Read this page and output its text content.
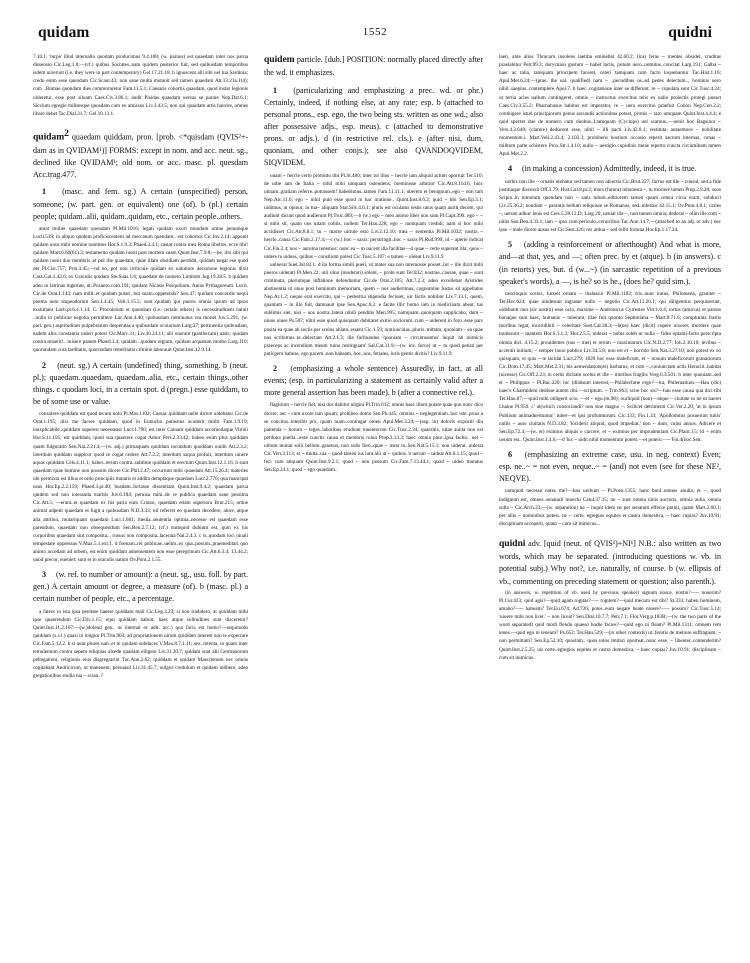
quidam	1552	quidni

7.10.1; 'turpe' illud interuallo quodam producimus 9.4.108; (w. paruus) est quaedam inter nos parua dissensio Cic.Leg.1.8;—(cf.) quibus Socrates..natu quidem posterior fuit, sed quibusdam temporibus isdem uixerunt (i.e. they were in part contemporary) Gel.17.21.18. b ignoscent alii sibi uel tua Sardinia; credo enim esse quendam Cic.Scaur.43; non sane multa mutauit sed tamen quaedam Att.13.21a.1(4); cum ..Romae quondam dies commoraretur Fam.11.5.1; Caesaris cohortis quasdam, quod instar legionis uideretur, esse post siluam Caes.Civ.3.86.1; audit Pisidas quasdam uersus se parare Nep.Dat.6.1; Siccium egregie militesque quosdam cum eo amissos Liv.3.43.5; non qui quasdam artis haurire, omnes libare debet Tac.Dial.31.7; Gel.10.13.1.

quidam$^2$ quaedam quiddam, pron. [prob. <*quisdam (QVIS²+-dam as in QVIDAM¹)] FORMS: except in nom. and acc. neut. sg., declined like QVIDAM¹; old nom. or acc. masc. pl. quesdam Acc.trag.477.

1 (masc. and fem. sg.) A certain (unspecified) person, someone; (w. part. gen. or equivalent) one (of). b (pl.) certain people; quidam..alii, quidam..quidam, etc., certain people..others.

amat mulier quaedam quendam Pl.Mil.1016; legati quidam uxori mundum omne penumque Lucil.519; in aliquo quidem proficiscentem ad mercatum quendam.. est cohortus Cic.Inv.2.14; apponit quidam unus mihi nomine nummos Hor.S.1.9.3; Phaed.3.4.1; castat contra mea Roma libellos. ecce tibi! quidam Mart.6.60(61).3; testamento quidam iussit post mortem suam Quint.Inst.7.9.8;—he, illo sibi qui quidam iussit duo membris..et pol ille quaedam, quae illam obsidiam perdidit, quidam negat ese quod det Pl.Cist.757; Prin.3.45;—nd eo, pol non irriticule quidam ex ualutiore decurione legionis dixit Cass.Gal.1.42.6; ex Graculis quidam Ste.Suas.1.6; quaedam de numero Limitum Jug.19.38.5. b quidam adeo in latrinas ingerunt, ut..Posuero.com.191; quidam Nicasis Posquilium. Anias Pythagoreum. Lucil. Cic.de Orat.1.143; nam milli..et quidam putari, but suam..oppetenda? Sen.47; quidam concordis nequi poema ueni stupendorum Sen.1.4.45; Vell.1.15.5; sunt quidam qui pueris omnia ipsum ad ipsos exstimant Lacb.pr.6.4.1.14; C. Proculeium et quendam (i.e. certain others) is necessitudinem haluit ..nulla in publicae negotia permittere Lac.Ann.4.40; quibusdam nominatus rea monet Juv.5.291; (w. part. gen.) aspritudines pulpebrarum desperatas a quibusdam ocularium Larg.37; pertinentia quibusdam, eadem aliis constantia uideri potest Cic.Marc.31; Liv.30.24.11; alii onerant (panthexam) uatis; quidam contra miserit!.. misere panem Phaed.3.4; quidam ..quidam regium, quidam arquatum morbo Larg.110; quorundam cura tarditatis, quorundam temeritatis crimine laborauit Quint.Inst.12.9.14.

2 (neut. sg.) A certain (undefined) thing, something. b (neut. pl.); quaedam..quaedam, quaedam..alia, etc., certain things..other things. c quodam loci, in a certain spot. d (pregn.) esse quiddam, to be of some use or value.

consulere quiddam est quod tecum uolo Pl.Mos.1102; Caesar..quiddam uelle dicere uidebatur Cic.de Orat.1.195; dixi me facere quiddam, quod in Eunucho parasitus acaderit militi Fam.1.9.19; inexplicabile..quiddam superest necesseast Lucr.1.790; est inter Cainam quiddam accomodaque Vitruii Hor.S.11.195; est quiddam, quod sua quaerere cogat Amor Pers.2.33.42; habeo enim plus quiddam quam fulguratio Sen.Nat.2.21.4;—(w. adj.) primaquam quiddam iucundum quoddam ouidit Att.2.3.2; interdum quiddam suppicor quod te cogat cedere Att.7.2.2; interdum saqua profuit, interdum uinere aquas quiddam Cels.4.11.1; habet..rerum contra..sublime quiddam et erectum Quint.Inst.12.1.16. b sunt quaedam quae homine non possum dicere Cic.Phil.2.47; occurrunt mihi quaedam Att.15.26.4; materies ubi permixta est illius et ordo principiis mutatis et addita demptaque quaedam Lucr.2.770; qua mancipat usus Hor.Ep.2.2.159; Phaed.3.pr.40; busdam..fortasse dissentiam Quint.Inst.9.4.2; quaedam parua quidem sed non toleranda maritis Juv.6.184; peruisa mihi..de re publica quaedam sane pessima Cic.Att.5; —erant..ei quaedam ex his paria eum Crasso, quaedam etiam superiora Brut.215; omne animal adpetit quaedam et fugit a quibusdam N.D.3.33; nil referret eo quodam decedere, abire, atque alia attribui, mutariquam quaedam Lucr.1.681; media..sententia optima..necesse est quaedam esse parendum, quaedam non obsequendum Sen.Ben.2.7.12; (cf.) numquid dubium est, quin ex his corporibus quaedam sint composita.., rursus non composita..lacerata Nat.2.4.3. c is..quodam loci niuali tempestate oppressus V.Max.5.1.ext.1. d foenam..rei publicae..uelim..ex qua..possim..praemeditari quo animo accedam ad urbem, est enim quiddam aduenientem non esse peregrinum Cic.Att.6.3.4; 13.44.2; quod precor, eueniet: sunt et in oraculis uatum Ov.Pont.2.1.55.

3 (w. ref. to number or amount): a (neut. sg., usu. foll. by part. gen.) A certain amount or degree, a measure (of). b (masc. pl.) a certain number of people, etc., a percentage.

a fateor in ista ipsa penitate haesse quiddam mali Cic.Leg.3.23; si non tradidero, at quiddam mihi ipse quaerendum Cic.Div.1.15; equi quiddam habuit: haec atque solitudines sunt disceretur? Quint.Inst.11.2.107;—(w.)dolend gen., as internal or adit. acc.) qua facis est homo?—sequitutdo quiddam (s.v.l.) quasi in longior Pl.Trin.903; ad propriationem uirum quiddam interest non te expectare Cic.Fam.5.12.2. b si aunt plures nati..et in quidam subduces V.Max.8.7.1.11; sex..retenta, in quam inter temulentum contra sepem reliquias alcede quatiam elligere Liv.31.30.7; quidam sunt alii Germanorum pellegationi, religionis eius disgregrarint Tac.Ann.2.62; quiddam et quidam Maecdonum nec omnis cogitabant Andricicum, ut maneuent, persuasit Liv.31.45.7; uulgus credulum et quidam inlibere, adeo gregationibus studia tua ~ scian..?

quidem particle. [dub.] POSITION: normally placed directly after the wd. it emphasizes.

1 (particularizing and emphasizing a prec. wd. or phr.) Certainly, indeed, if nothing else, at any rate; esp. b (attached to personal prons., esp. ego, the two being sts. written as one wd.; also after possessive adjs., esp. meus). c (attached to demonstrative prons. or adjs.). d (in restrictive rel. cls.). e (after nisi, dum, quoniam, and other conjs.); see also QVANDOQVIDEM, SIQVIDEM.

uuam ~ hercle certo promitto tibi Pl.St.480; inter tot illos ~ hercle iam aliquid actum oportuit Ter.510; de urbe iam de Italia ~ nihil mihi umquam ostendens; meminisse arbitror Cic.Att.8.11d.6; huic utinam..gratiam referre..potuissem! habebimus..tamen Fam.11.11.1; uberem et benignum..ego ~ non tam Nep.Alc.11.6; ego ~ nihil puto esse quod in hac oratione.. Quint.Inst.8.6.2; quid ~ tibi Sen.Ep.3.1; uidimus, ut opinor, in tua~ aliquam Stat.Silv.4.6.1; pluris est oculatus testis unus quam auriti decem, qui audiunt dicunt quod audierunt Pl.Truc.489;—b (w.) ego ~ meo animo liber non sum Pl.Capt.390; ego ~ ~ si mihi sit, quam uos uitam colitis, nollem Ter.Hau.228; ego ~ numquam credidi; nam si hoc mihi accidisset Cic.Att.8.8.1; tu ~ macte uirtute esto Liv.2.12.10; mea ~ sententia Pl.Mil.1032; nostra ~ hercle..causa Cic.Fam.2.17.4;—c (w.) hoc ~ saxis: perstringit..hoc ~ saxis Pl.Rud.999; id ~ aperte indicat Cic.Fin.2.4; nos ~ auruma tenemus: nunc ea ~ m uocent illa facilitas—d quae ~ certe superant illa; quos ~ uidere tu uideas, quibus ~ consilium potest Cic.Tusc.5.107; e tamen ~ uideat Liv.9.11.9

uulnerat Suet.Jul.82.1. d ita forma simili pueri, ut mater sua non internosse posset..(ut ~ ille dixit mihi pueros uiderat) Pl.Men.22; uiri uino (moderari) solent, ~ probi sunt Ter.832; nostrae..causae, quae ~ sunt criminum, plerumque inflatione defenduntur Cic.de Orat.2.105; Att.7.2.3; adeo excellebat Aristides abstinentia ut unus post hominum memoriam, quem ~ nos audierimus, cognomine Iustus sit appellatus Nep.Ar.1.2; neque erat exercitu, qui ~ pedestria stipendia fecisset, uir factis nobilior Liv.7.13.1; quem, quantum ~ in illo fuit, damnauit ipse Sen.Apoc.8.2. e facite illic homo iam in medicinam abeat, tus sublimis siet, nisi ~ uos uostra..latera nihili penditis Men.995; namquam..quoiquam supplicabo, dum ~ uiuos uiues Ps.507; nihil esse quod quisquam dubitaret exitio sociorum..cum ~ uiderent in foro..esse pars posita ea quae ab sociis per scelus ablata..essent Cic.1.59; oratiunculas..pluris..mittam, quoniam ~ ea quae nos scribimus..te..delectant Att.2.1.3; ille furibundus 'quoniam ~ circumuentus' inquit 'ab inimicis praeceps ac incendium meum ruina restinguam' Sal.Cat.31.9;—(w. inv. force) ut ~ tu quod petisti per puticgem habeas, ego pacem..non habeam, hoc..uos, fetiales, iuris gentis dicitis? Liv.9.11.9.

2 (emphasizing a whole sentence) Assuredly, in fact, at all events; (esp. in particularizing a statement as certainly valid after a more general assertion has been made). b (after a connective rel.).

flagitium ~ hercle fiet, nisi dos dabitur uirgini Pl.Trin.612; omnis haec illum putare quae quo nunc dico dicere; aut ~ cum uxore iam ipsum; prohibeo domo Sen.Ph.445; omnius ~ neglegentiam..huc iste..prius a se concitos..interibit pro, quam tuam..contingat omen Apul.Met.3.24;—(esp. in) doloris expositi diu patienda ~ horum ~ leges..laboribus erudiunt inuentorum Cic.Tusc.2.34; quaeritis, uitae auida non est perdona puella...esse cunctis causa et membris ruina Prop.3.13.3; haec omnia pace..ipsa facito.. uel ~ uitium inuitat solii bellum..graenus, non solis fieri..quae ~ inest in..Sen.Nat.5.15.1; non uiderat. uiderat Cic.Verr.3.113; et ~ multa..uia ~ quod tamen ius iura alii ut ~ quibus. b uerum ~ uideat Att.6.1.15; quod ~ feci cum aliquam Quint.Inst.9.2.1; quod ~ non possum Cic.Fam.7.13.44.1; quod ~ uideo mutatus Sen.Ep.24.1; quod ~ ego quaedam..

laeti, ante alios Thracum insolens laetitia eminebat 42.60.2; (ira) feras ~ mentes obsidet, cruditas praelabitur Petr.99.3; dorycnion gustum ~ habet lactis, potum uero..uomitus..concitat Larg.191; Galba ~ haec ac talia, tamquam principem faceret, ceteri tamquam cum facto loquebantur Tac.Hist.1.16; Apul.Met.6.24;—(prae. the ual. qualified) nam ~ ..pecudibus os..ad pedes deiectum.., hominis uero nihil..saepius..contemplere Apol.7. b haec..cogitatione inter se differunt, re ~ copulata sunt Cic.Tusc.4.24; ut tertia acies uallum contingeret, omnis ~ instructus exercitus telis ex ualio proiectis protegi posset Caes.Civ.3.55.2; Pharnabazus habitus est imperator, re ~ uera exercitui praefuit Conon Nep.Con.2.2; contingere istud principiorum genus secundis actionibus potest, primis ~ raro umquam Quint.Inst.4.4.4; e quid spectet due de numero cum duobus..I.tamquam (Cyclops) uel scamus..—uenit hoc Bagsinor ~ Vers.4.3.648; (clarere) deducent esse, nihil ~ illi pacti Liv.42.8.1; restituta. autaemnce ~ nobilitate momentum.i. Mart.Vell.2.43.4; 2.103.3; prohibens hostium occasio reperit sacrum internas, conas ~ militum parte schistere Prox.Str.1.4.10; nullo ~ uestigio cupidinis meae reperto cuncta circumibam tamen Apul.Met.2.2.

4 (in making a concession) Admittedly, indeed, it is true.

uerbis non ille ~ ornatis utebatur sed tamen non abiectis Cic.Brut.227; factus est ille ~ consul, sed a fide justitiaque discessit Off.3.79; Hist.Gal.8.pr.2; mors (futura) inhonesta ~, tu moriere tamen Prop.2.8.28; suos Scipio..in tumulum quendam non ~ satis tutum..editiorem tamen quum cetera circa erant, subducit Liv.25.36.2; nondum ~ parantis bellum reliquisse se Romanos, sed..infestos 42.15.1; Ov.Pont.4.8.1; caries ~, uerum adhuc leuis est Cels.5.28.12.D; Larg.20; ueniat illa ~, non tamen omnia; dederat ~ olim ille cum ~ uitiis Sen.Ben.4.33.1; iam ~ ipso cum periculo..ceruicibus Tac.Ann.14.7;—(attached to an adj. or adv.) nec ipse ~ male dicere ausus est Cic.Sest.126; res ardua ~ sed tollit fortuna Hor.Ep.1.17.24.

5 (adding a reinforcement or afterthought) And what is more, and—at that, yes, and —; often prec. by et (atque). b (in answers). c (in retorts) yes, but. d (w...~) (in sarcastic repetition of a previous speaker's words), a —, is he? so is he., (does he? quid sim.).

nescioquis scelus, linxeit ornatu ~ thalassio Pl.Mil.1182; tris..num iratus, Philomena, grauiter ~ Ter.Hec.624; quae uindesunt ingratae nullo ~ negotio Cic.Att.11.20.1; qui diligentius perquiserunt, uidebuntt non (sic uestro) esse ocio, maxime ~ Andronicus Cyrrestes Vitr.1.6.4; tortus (amicus) et parens bonaque sunt haec, humanis ~ tuberant; illae fuit quonto Septimiana ~ Mart.8.71.6; complurata fratris moribus legat, inceridibili ~ celeritate Suet.Cal.38.3;—b(ne) haec (dicit) cupere uixeret; mordere quae inutissunt ~ mantem Hor.S.1.1.3; Hor.2.5.5; uiderat ~ nobis soleb ut nulla ~ fides optanti-facto perscripta omnia dici. 4.15.2; prouidentes (nos ~ mei) et rerum ~ maximarum Cic.N.D.2.77; Ioh.2.10.10; levibus ~ accentit initium; ~ semper bono publico Liv.34.5.8; non est et ~ horrido Sen.Nat.3.27.10; non potest ex eo quisquam, et quis ~ te iacidat Lucr.279; 1820 hoc esse maleficum, et ~ nouum maleficorum granatiorum Cic.Dom.17.45; Mart.Met.2.31; bis aemendation(es) barbarus; et cum ~..coniunctam actis Heraclit..habitat (uicesse) Cic.Off.2.23; in certis dicitam scelus et ille ~ moribus fragilis Verg.6.3.501. b inter quoniam..sed et ~ Philippus ~ Pl.Bac.220; hic (diidnum interest,—Philalechme ergo?—ita, Philematium.—Hau (dic) haec's Charmidem dedisse autem tibi.—scriptum. ~ Trin.963; scire hoc sis?—hau esse causa qua dici tibi Ter.Hau.87;—quid mihi obligerit scio. —et ~ ego.(m.98); ourliquid (non)—atque ~ ciuitate ut ne ut haeret I.haine Pl.959. c' ut(which consociandi? non sine magno ~. Scilicet detrimenti Cic.Ver.2.20; 'at in ipsum Publium animaduertuntur.' lubet—et ipsi profumturunt. Cic.133; Fin.1.33; 'Apollodorus posuerunt tuitis' nullis ~ auto ciuitatis N.D.3.82; 'lociderit aliquid, quod impediat,' non ~ dum, cuius annos. Adicere et Sen.Ep.72.4;—(w. et) eximius aliquis e carcere, et ~ eximius per imprudentiam Cic.Planc.15; id ~ enim uerum est.. Quint.Inst.1.4.6;—d 'hic ~ uidit nihil momentum potest.—et puteis:—~ Fin.4(hoc.Sen.

6 (emphasizing an extreme case, usu. in neg. context) Even; esp. ne..~ = not even, neque..~ = (and) not even (see for these NE², NEQVE).

numquid necesse notes me?—hau uerbum ~ Pl.Poen.1355; hanc bonl..omnes anulla, et ~, quod indignum est, omnes..senatarii moechi Catul.37.15; ne ~ sunt omnia uinis auctoris, omnia aulia, omnia sulla ~ Cic.Arch.23;—(w. separation) ne ~ inquit idem ne per senatum effecre potuit, quam Mart.2.60.1; per aliis ~ nominibus potest. ne ~ certe. egregios equites et castra domestica, ~ haec cupias? Juv.10.91; disciplinam acceperit, quam ~ cum sit inimicus...

quidni adv. [quid (neut. of QVIS¹)+NI¹] N.B.: also written as two words, which may be separated. (introducing questions w. vb. in potential subj.) Why not?, i.e. naturally, of course. b (w. ellipsis of vb., commenting on preceding statement or question; also parenth.).

(in answers, w. repetition of vb. used by previous speaker) signum nosce. nostin?—~ nouerim? Pl.Cur.423; quid agis?—quid agam rogitas?—~ rogitem?—quid mecum est tibi? St.333; haben hominem, amabo?—~ habeam? Ter.Eu.674; Ad.726; potes..eum negare beate niuere?—~ possim? Cic.Tusc.5.14; 'uiuere mihi non licet.' ~ non liceat? Sen.Dial.10.7.7; Petr.7.1; Flor.Verg.p.183R;—(w. the two parts of the word separated) quid modi flendo quaeso hodie facies?—quid ego ni fleam? Pl.Mil.1311; omnem rem tenes.—quid ego ni teneam? Ps.652; Ter.Hau.529;—(in other contexts) ut..ferutis de meliore suffragium, ~ non permittam? Sen.Ep.52.10; quoslam.. quos totos imitari oporteat..nunc esse, ~ libenter..contenderim? Quint.Inst.2.5.25; uis certe..egregios equites et castra domestica, ~ haec cupias? Juv.10.91; disciplinam ~ cum sit inimicus..
